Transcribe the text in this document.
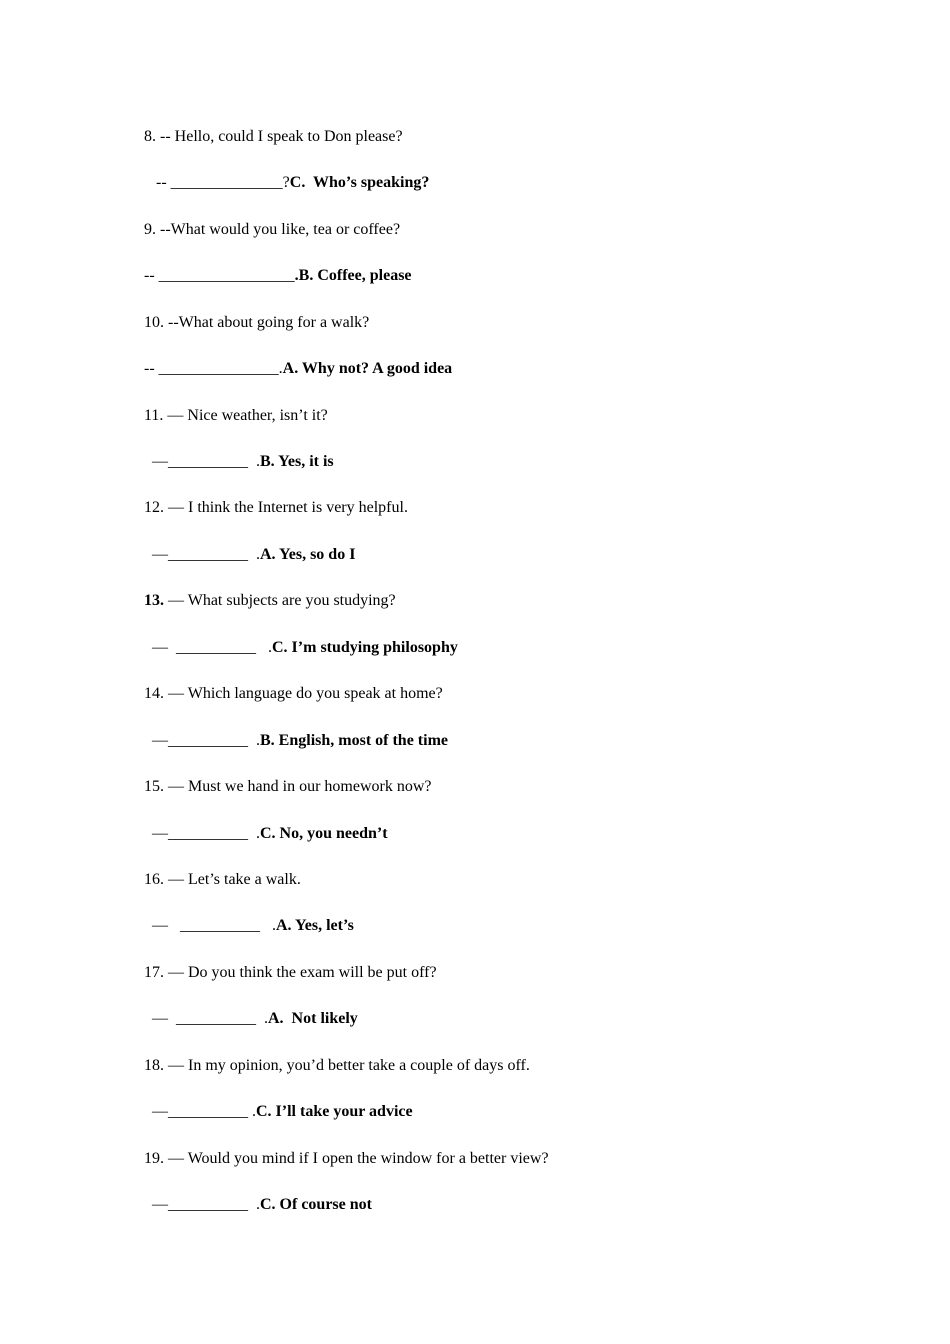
8. -- Hello, could I speak to Don please?
-- ______________?C.  Who’s speaking?
9. --What would you like, tea or coffee?
-- _________________.B. Coffee, please
10. --What about going for a walk?
-- _______________.A. Why not? A good idea
11. — Nice weather, isn’t it?
—__________  .B. Yes, it is
12. — I think the Internet is very helpful.
—__________  .A. Yes, so do I
13. — What subjects are you studying?
—  __________   .C. I’m studying philosophy
14. — Which language do you speak at home?
—__________  .B. English, most of the time
15. — Must we hand in our homework now?
—__________  .C. No, you needn’t
16. — Let’s take a walk.
—   __________   .A. Yes, let’s
17. — Do you think the exam will be put off?
—  __________  .A.  Not likely
18. — In my opinion, you’d better take a couple of days off.
—__________ .C. I’ll take your advice
19. — Would you mind if I open the window for a better view?
—__________  .C. Of course not
